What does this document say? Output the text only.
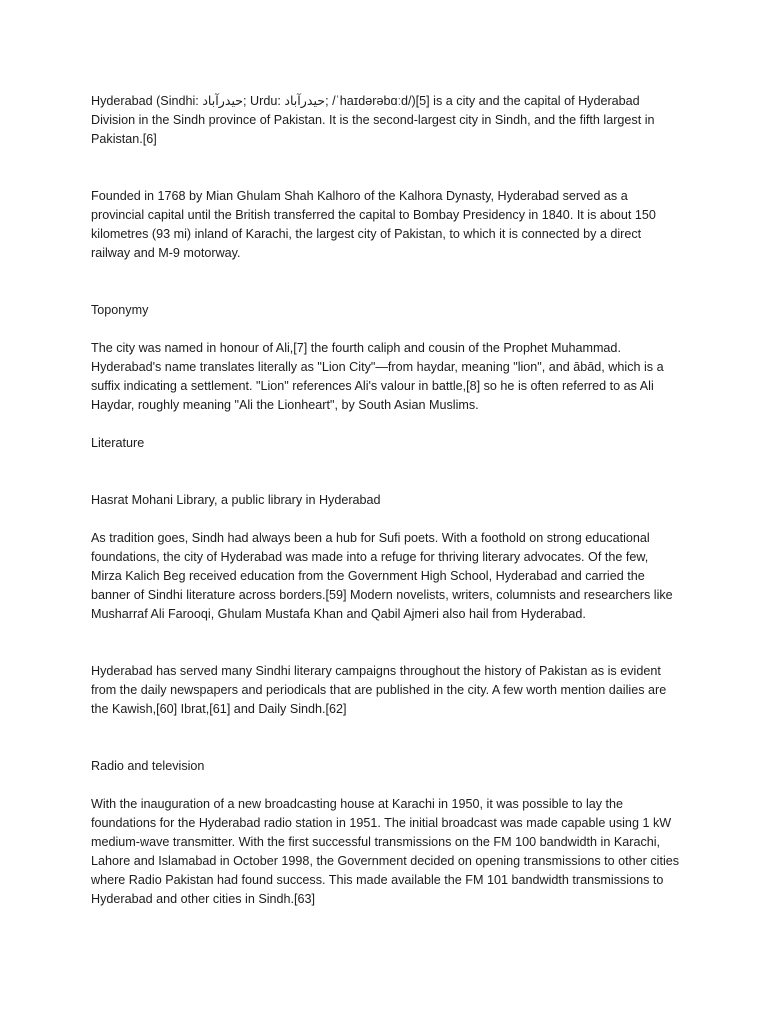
Hyderabad (Sindhi: حيدرآباد; Urdu: حیدرآباد; /ˈhaɪdərəbɑːd/)[5] is a city and the capital of Hyderabad Division in the Sindh province of Pakistan. It is the second-largest city in Sindh, and the fifth largest in Pakistan.[6]

Founded in 1768 by Mian Ghulam Shah Kalhoro of the Kalhora Dynasty, Hyderabad served as a provincial capital until the British transferred the capital to Bombay Presidency in 1840. It is about 150 kilometres (93 mi) inland of Karachi, the largest city of Pakistan, to which it is connected by a direct railway and M-9 motorway.

Toponymy

The city was named in honour of Ali,[7] the fourth caliph and cousin of the Prophet Muhammad. Hyderabad's name translates literally as "Lion City"—from haydar, meaning "lion", and ābād, which is a suffix indicating a settlement. "Lion" references Ali's valour in battle,[8] so he is often referred to as Ali Haydar, roughly meaning "Ali the Lionheart", by South Asian Muslims.

Literature

Hasrat Mohani Library, a public library in Hyderabad

As tradition goes, Sindh had always been a hub for Sufi poets. With a foothold on strong educational foundations, the city of Hyderabad was made into a refuge for thriving literary advocates. Of the few, Mirza Kalich Beg received education from the Government High School, Hyderabad and carried the banner of Sindhi literature across borders.[59] Modern novelists, writers, columnists and researchers like Musharraf Ali Farooqi, Ghulam Mustafa Khan and Qabil Ajmeri also hail from Hyderabad.

Hyderabad has served many Sindhi literary campaigns throughout the history of Pakistan as is evident from the daily newspapers and periodicals that are published in the city. A few worth mention dailies are the Kawish,[60] Ibrat,[61] and Daily Sindh.[62]

Radio and television

With the inauguration of a new broadcasting house at Karachi in 1950, it was possible to lay the foundations for the Hyderabad radio station in 1951. The initial broadcast was made capable using 1 kW medium-wave transmitter. With the first successful transmissions on the FM 100 bandwidth in Karachi, Lahore and Islamabad in October 1998, the Government decided on opening transmissions to other cities where Radio Pakistan had found success. This made available the FM 101 bandwidth transmissions to Hyderabad and other cities in Sindh.[63]
